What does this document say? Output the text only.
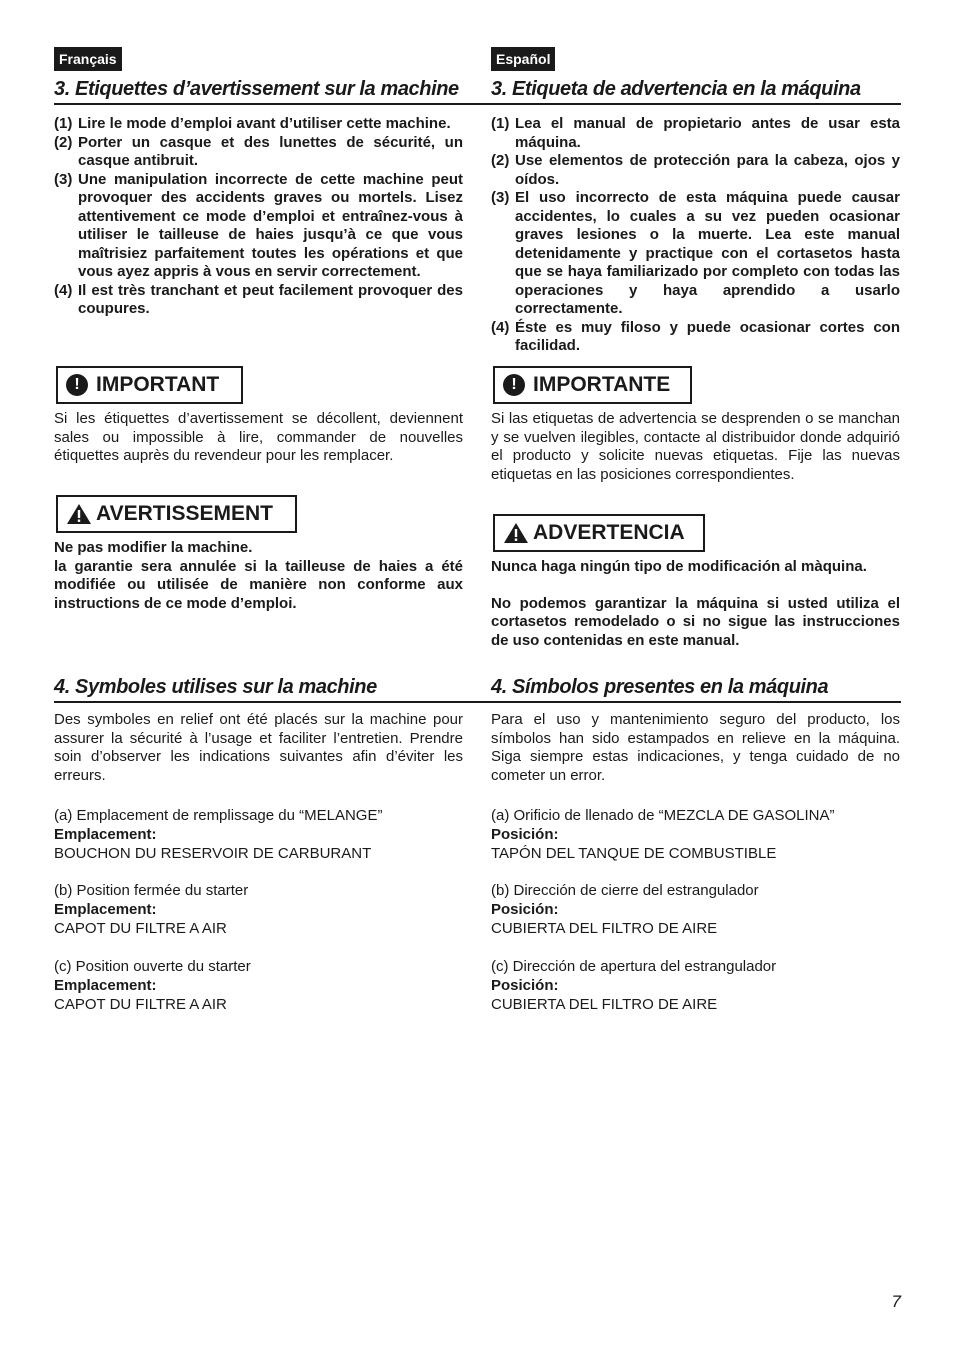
Français
3. Etiquettes d’avertissement sur la machine
(1) Lire le mode d’emploi avant d’utiliser cette machine.
(2) Porter un casque et des lunettes de sécurité, un casque antibruit.
(3) Une manipulation incorrecte de cette machine peut provoquer des accidents graves ou mortels. Lisez attentivement ce mode d’emploi et entraînez-vous à utiliser le tailleuse de haies jusqu’à ce que vous maîtrisiez parfaitement toutes les opérations et que vous ayez appris à vous en servir correctement.
(4) Il est très tranchant et peut facilement provoquer des coupures.
! IMPORTANT

Si les étiquettes d’avertissement se décollent, deviennent sales ou impossible à lire, commander de nouvelles étiquettes auprès du revendeur pour les remplacer.

AVERTISSEMENT

Ne pas modifier la machine.

la garantie sera annulée si la tailleuse de haies a été modifiée ou utilisée de manière non conforme aux instructions de ce mode d’emploi.

4. Symboles utilises sur la machine

Des symboles en relief ont été placés sur la machine pour assurer la sécurité à l’usage et faciliter l’entretien. Prendre soin d’observer les indications suivantes afin d’éviter les erreurs.

(a) Emplacement de remplissage du “MELANGE”
Emplacement:
BOUCHON DU RESERVOIR DE CARBURANT
(b) Position fermée du starter
Emplacement:
CAPOT DU FILTRE A AIR
(c) Position ouverte du starter
Emplacement:
CAPOT DU FILTRE A AIR
Español
3. Etiqueta de advertencia en la máquina
(1) Lea el manual de propietario antes de usar esta máquina.
(2) Use elementos de protección para la cabeza, ojos y oídos.
(3) El uso incorrecto de esta máquina puede causar accidentes, lo cuales a su vez pueden ocasionar graves lesiones o la muerte. Lea este manual detenidamente y practique con el cortasetos hasta que se haya familiarizado por completo con todas las operaciones y haya aprendido a usarlo correctamente.
(4) Éste es muy filoso y puede ocasionar cortes con facilidad.
! IMPORTANTE

Si las etiquetas de advertencia se desprenden o se manchan y se vuelven ilegibles, contacte al distribuidor donde adquirió el producto y solicite nuevas etiquetas. Fije las nuevas etiquetas en las posiciones correspondientes.

ADVERTENCIA

Nunca haga ningún tipo de modificación al màquina.

No podemos garantizar la máquina si usted utiliza el cortasetos remodelado o si no sigue las instrucciones de uso contenidas en este manual.

4. Símbolos presentes en la máquina

Para el uso y mantenimiento seguro del producto, los símbolos han sido estampados en relieve en la máquina. Siga siempre estas indicaciones, y tenga cuidado de no cometer un error.

(a) Orificio de llenado de “MEZCLA DE GASOLINA”
Posición:
TAPÓN DEL TANQUE DE COMBUSTIBLE
(b) Dirección de cierre del estrangulador
Posición:
CUBIERTA DEL FILTRO DE AIRE
(c) Dirección de apertura del estrangulador
Posición:
CUBIERTA DEL FILTRO DE AIRE
7
